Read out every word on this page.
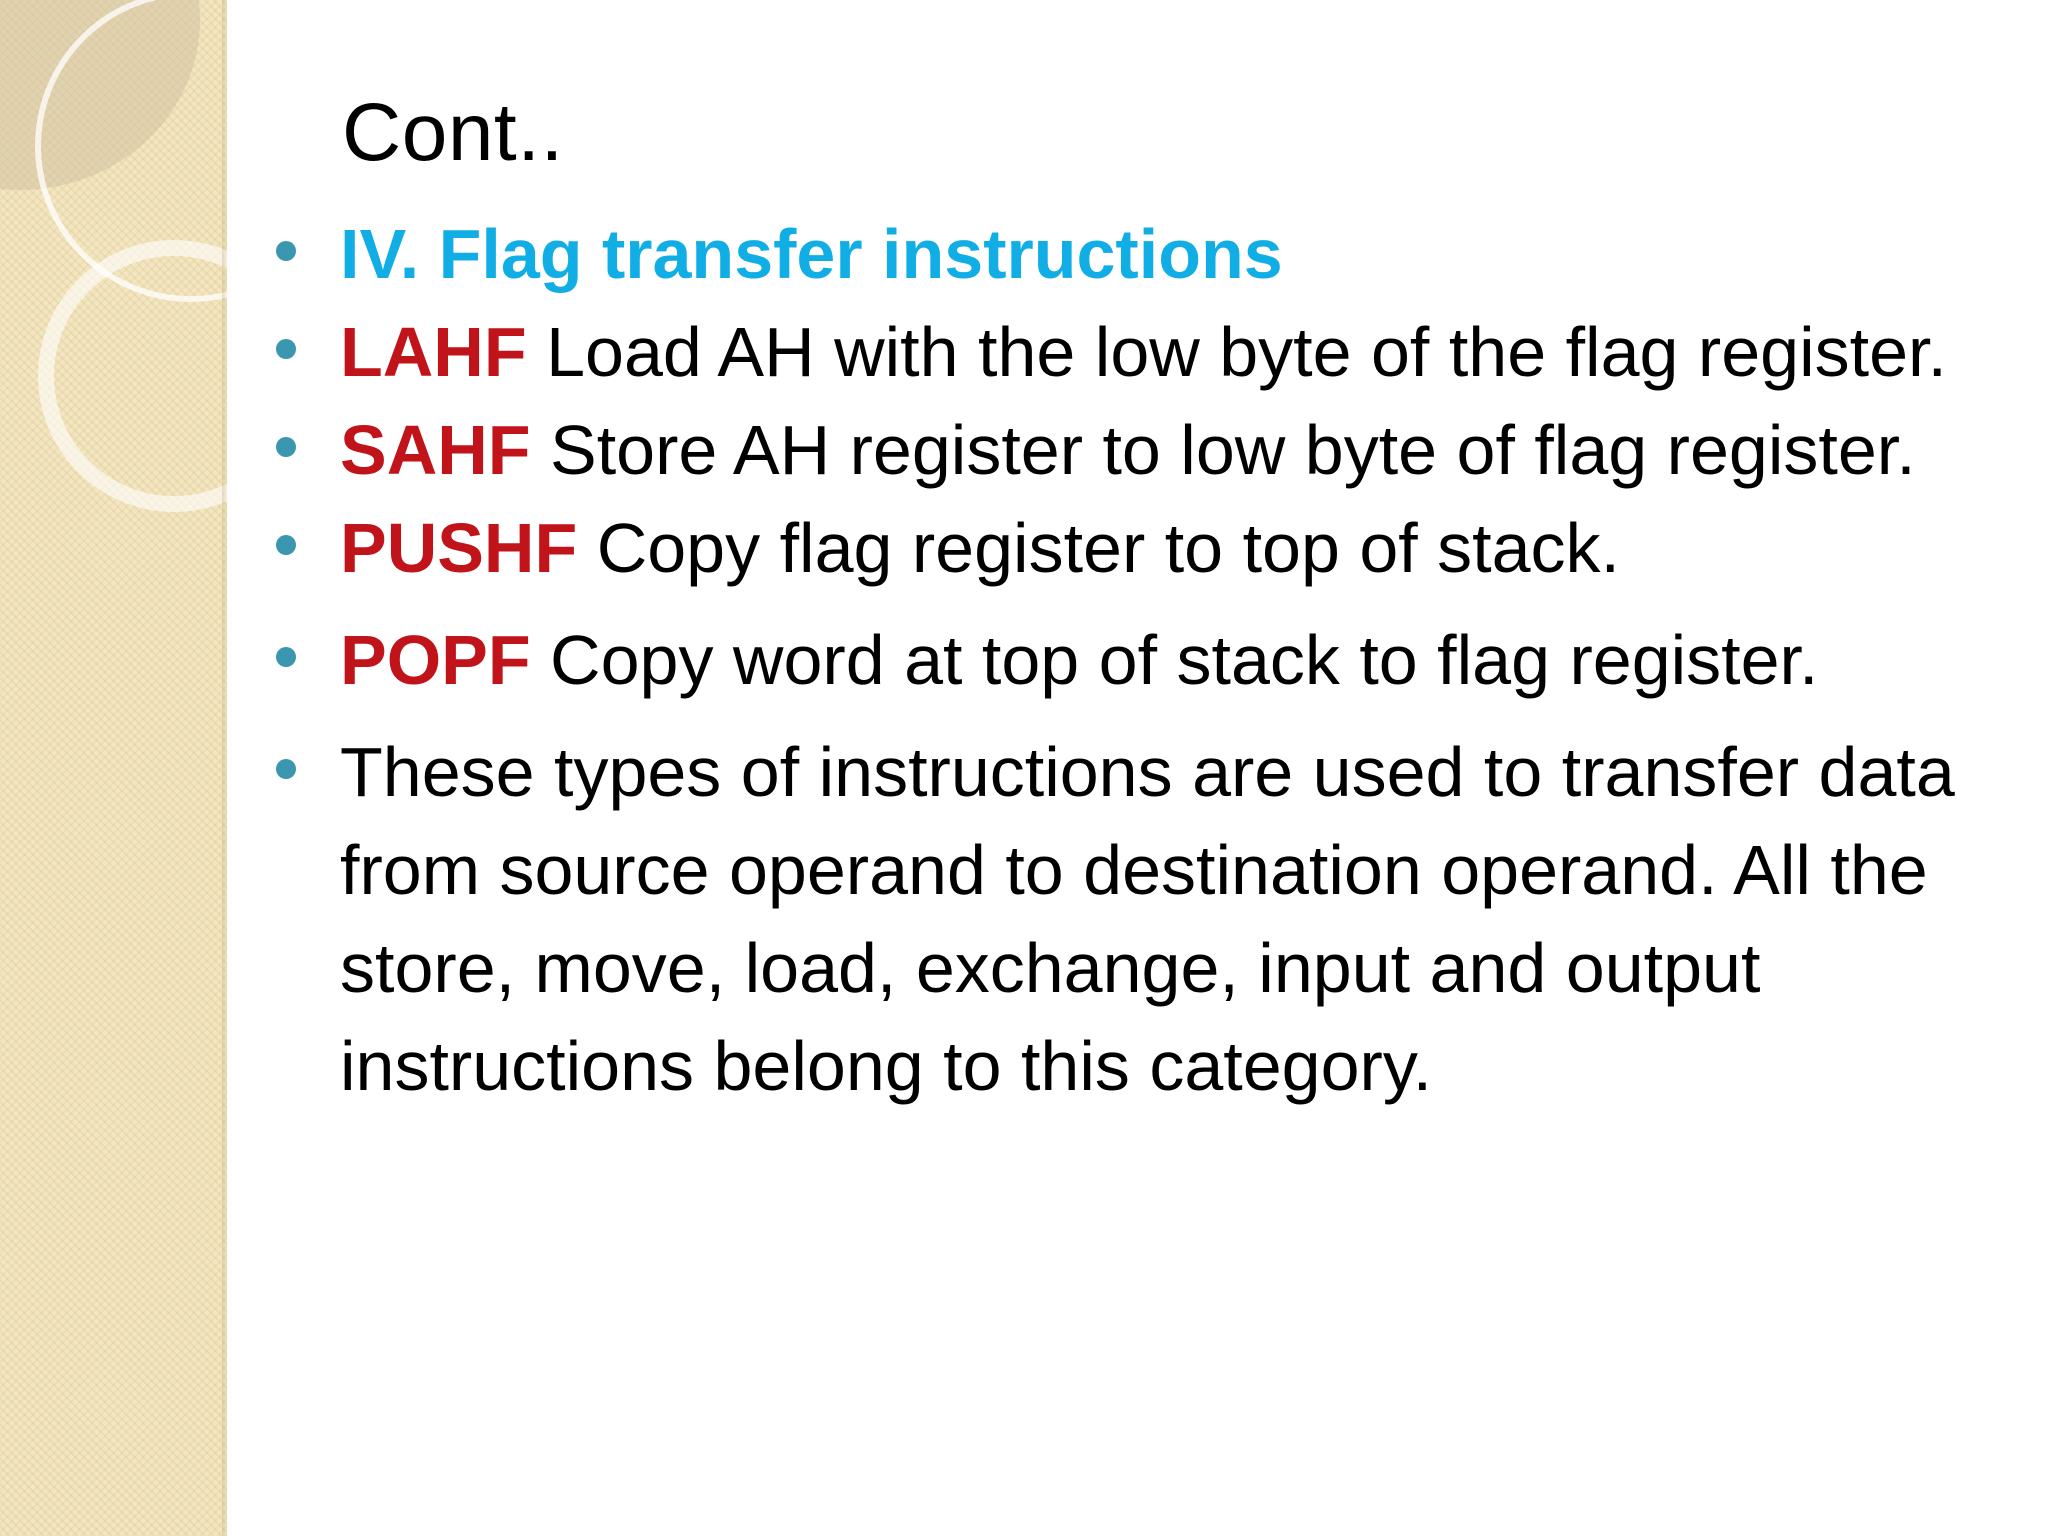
Cont..
IV. Flag transfer instructions
LAHF Load AH with the low byte of the flag register.
SAHF Store AH register to low byte of flag register.
PUSHF Copy flag register to top of stack.
POPF Copy word at top of stack to flag register.
These types of instructions are used to transfer data from source operand to destination operand. All the store, move, load, exchange, input and output instructions belong to this category.
